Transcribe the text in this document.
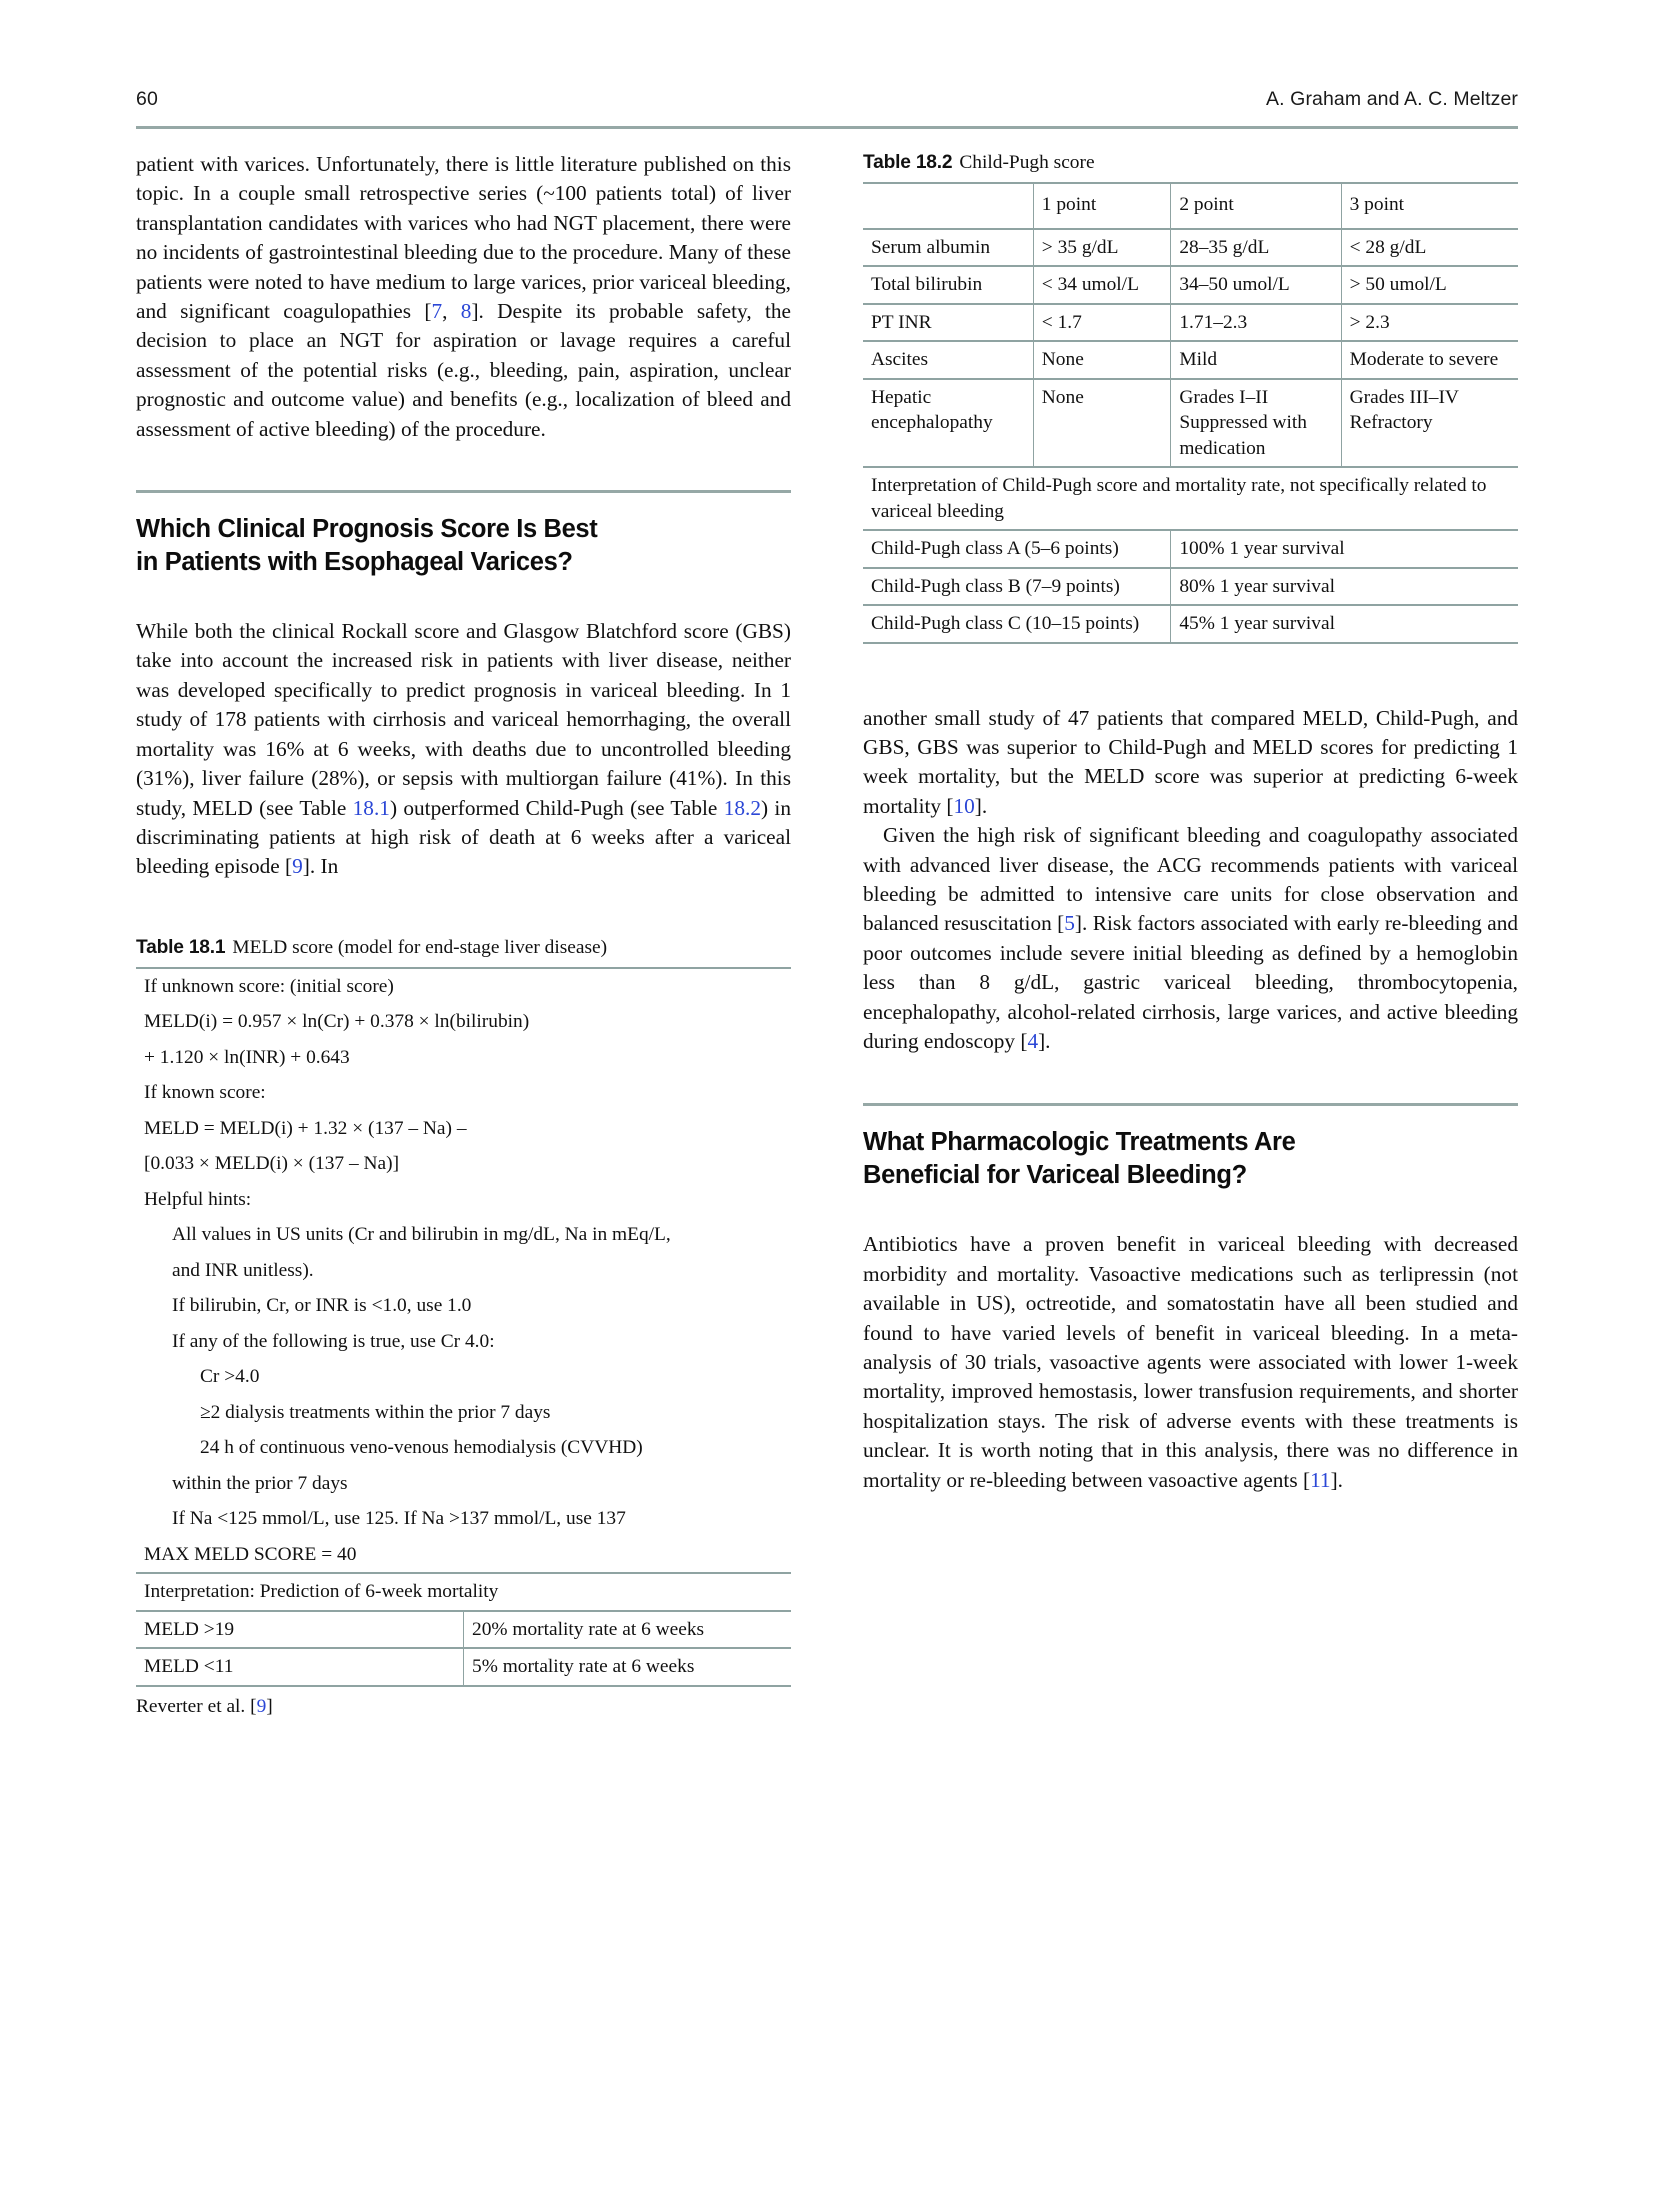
60	A. Graham and A. C. Meltzer

patient with varices. Unfortunately, there is little literature published on this topic. In a couple small retrospective series (~100 patients total) of liver transplantation candidates with varices who had NGT placement, there were no incidents of gastrointestinal bleeding due to the procedure. Many of these patients were noted to have medium to large varices, prior variceal bleeding, and significant coagulopathies [7, 8]. Despite its probable safety, the decision to place an NGT for aspiration or lavage requires a careful assessment of the potential risks (e.g., bleeding, pain, aspiration, unclear prognostic and outcome value) and benefits (e.g., localization of bleed and assessment of active bleeding) of the procedure.

Which Clinical Prognosis Score Is Best
in Patients with Esophageal Varices?

While both the clinical Rockall score and Glasgow Blatchford score (GBS) take into account the increased risk in patients with liver disease, neither was developed specifically to predict prognosis in variceal bleeding. In 1 study of 178 patients with cirrhosis and variceal hemorrhaging, the overall mortality was 16% at 6 weeks, with deaths due to uncontrolled bleeding (31%), liver failure (28%), or sepsis with multiorgan failure (41%). In this study, MELD (see Table 18.1) outperformed Child-Pugh (see Table 18.2) in discriminating patients at high risk of death at 6 weeks after a variceal bleeding episode [9]. In

Table 18.1 MELD score (model for end-stage liver disease)
If unknown score: (initial score)	
MELD(i) = 0.957 × ln(Cr) + 0.378 × ln(bilirubin)	
+ 1.120 × ln(INR) + 0.643	
If known score:	
MELD = MELD(i) + 1.32 × (137 – Na) –	
[0.033 × MELD(i) × (137 – Na)]	
Helpful hints:	
All values in US units (Cr and bilirubin in mg/dL, Na in mEq/L,	
and INR unitless).	
If bilirubin, Cr, or INR is <1.0, use 1.0	
If any of the following is true, use Cr 4.0:	
Cr >4.0	
≥2 dialysis treatments within the prior 7 days	
24 h of continuous veno-venous hemodialysis (CVVHD)	
within the prior 7 days	
If Na <125 mmol/L, use 125. If Na >137 mmol/L, use 137	
MAX MELD SCORE = 40	
Interpretation: Prediction of 6-week mortality	
MELD >19	20% mortality rate at 6 weeks
MELD <11	5% mortality rate at 6 weeks

Reverter et al. [9]
Table 18.2 Child-Pugh score
	1 point	2 point	3 point
Serum albumin	> 35 g/dL	28–35 g/dL	< 28 g/dL
Total bilirubin	< 34 umol/L	34–50 umol/L	> 50 umol/L
PT INR	< 1.7	1.71–2.3	> 2.3
Ascites	None	Mild	Moderate to severe
Hepatic encephalopathy	None	Grades I–II Suppressed with medication	Grades III–IV Refractory
Interpretation of Child-Pugh score and mortality rate, not specifically related to variceal bleeding			
Child-Pugh class A (5–6 points)		100% 1 year survival	
Child-Pugh class B (7–9 points)		80% 1 year survival	
Child-Pugh class C (10–15 points)		45% 1 year survival	

another small study of 47 patients that compared MELD, Child-Pugh, and GBS, GBS was superior to Child-Pugh and MELD scores for predicting 1 week mortality, but the MELD score was superior at predicting 6-week mortality [10].

Given the high risk of significant bleeding and coagulopathy associated with advanced liver disease, the ACG recommends patients with variceal bleeding be admitted to intensive care units for close observation and balanced resuscitation [5]. Risk factors associated with early re-bleeding and poor outcomes include severe initial bleeding as defined by a hemoglobin less than 8 g/dL, gastric variceal bleeding, thrombocytopenia, encephalopathy, alcohol-related cirrhosis, large varices, and active bleeding during endoscopy [4].

What Pharmacologic Treatments Are
Beneficial for Variceal Bleeding?

Antibiotics have a proven benefit in variceal bleeding with decreased morbidity and mortality. Vasoactive medications such as terlipressin (not available in US), octreotide, and somatostatin have all been studied and found to have varied levels of benefit in variceal bleeding. In a meta-analysis of 30 trials, vasoactive agents were associated with lower 1-week mortality, improved hemostasis, lower transfusion requirements, and shorter hospitalization stays. The risk of adverse events with these treatments is unclear. It is worth noting that in this analysis, there was no difference in mortality or re-bleeding between vasoactive agents [11].
